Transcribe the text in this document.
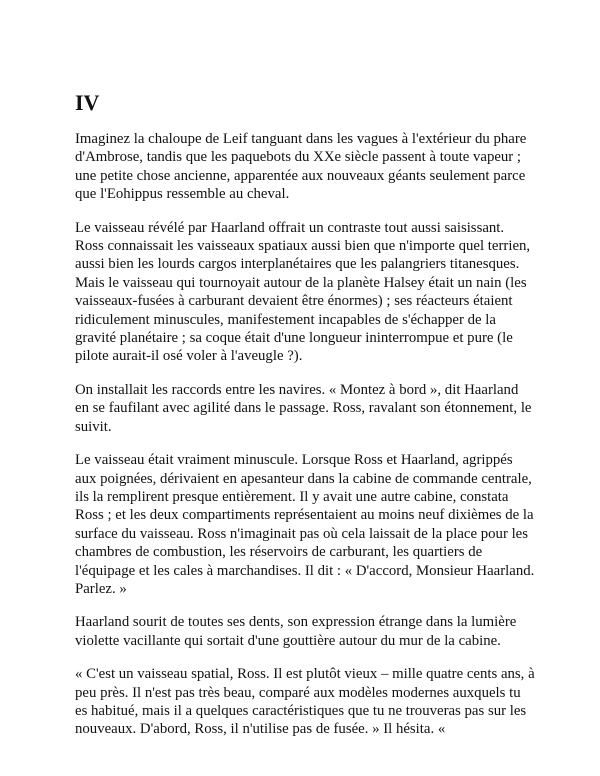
IV

Imaginez la chaloupe de Leif tanguant dans les vagues à l'extérieur du phare d'Ambrose, tandis que les paquebots du XXe siècle passent à toute vapeur ; une petite chose ancienne, apparentée aux nouveaux géants seulement parce que l'Eohippus ressemble au cheval.

Le vaisseau révélé par Haarland offrait un contraste tout aussi saisissant. Ross connaissait les vaisseaux spatiaux aussi bien que n'importe quel terrien, aussi bien les lourds cargos interplanétaires que les palangriers titanesques. Mais le vaisseau qui tournoyait autour de la planète Halsey était un nain (les vaisseaux-fusées à carburant devaient être énormes) ; ses réacteurs étaient ridiculement minuscules, manifestement incapables de s'échapper de la gravité planétaire ; sa coque était d'une longueur ininterrompue et pure (le pilote aurait-il osé voler à l'aveugle ?).

On installait les raccords entre les navires. « Montez à bord », dit Haarland en se faufilant avec agilité dans le passage. Ross, ravalant son étonnement, le suivit.

Le vaisseau était vraiment minuscule. Lorsque Ross et Haarland, agrippés aux poignées, dérivaient en apesanteur dans la cabine de commande centrale, ils la remplirent presque entièrement. Il y avait une autre cabine, constata Ross ; et les deux compartiments représentaient au moins neuf dixièmes de la surface du vaisseau. Ross n'imaginait pas où cela laissait de la place pour les chambres de combustion, les réservoirs de carburant, les quartiers de l'équipage et les cales à marchandises. Il dit : « D'accord, Monsieur Haarland. Parlez. »

Haarland sourit de toutes ses dents, son expression étrange dans la lumière violette vacillante qui sortait d'une gouttière autour du mur de la cabine.

« C'est un vaisseau spatial, Ross. Il est plutôt vieux – mille quatre cents ans, à peu près. Il n'est pas très beau, comparé aux modèles modernes auxquels tu es habitué, mais il a quelques caractéristiques que tu ne trouveras pas sur les nouveaux. D'abord, Ross, il n'utilise pas de fusée. » Il hésita. «
